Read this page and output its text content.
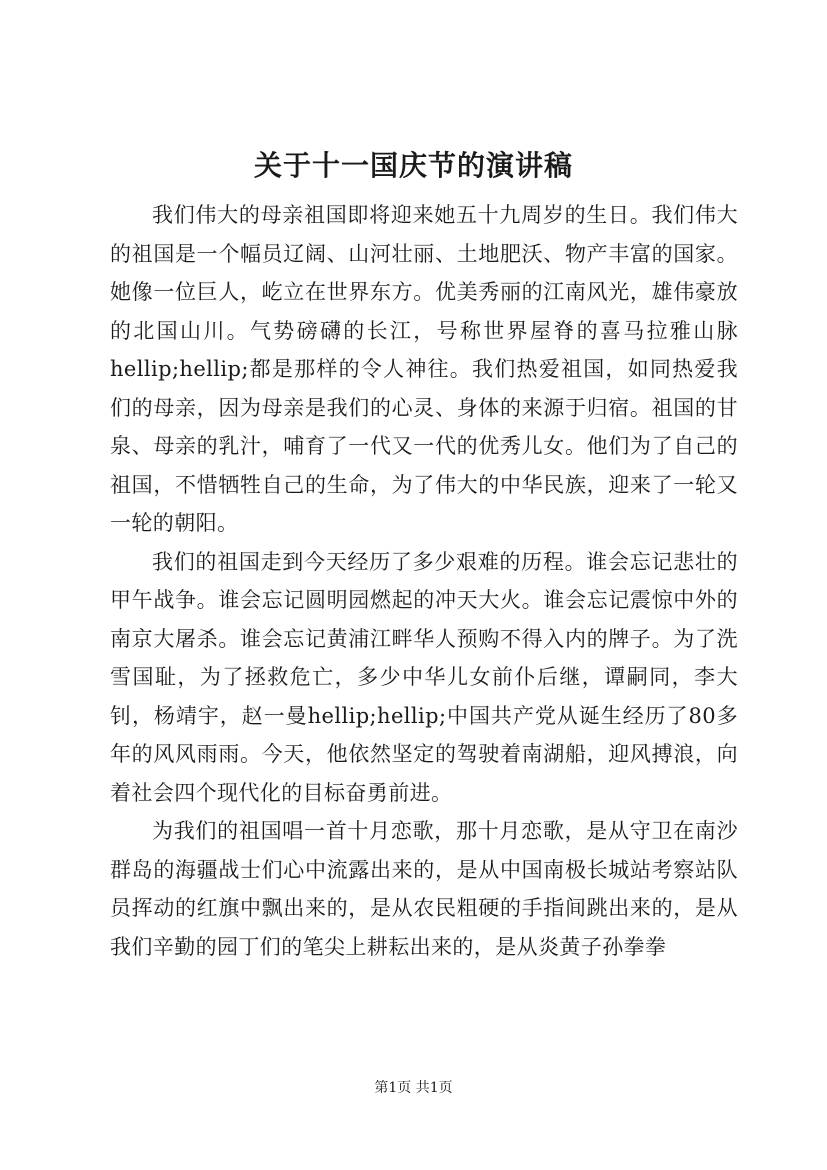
关于十一国庆节的演讲稿

我们伟大的母亲祖国即将迎来她五十九周岁的生日。我们伟大的祖国是一个幅员辽阔、山河壮丽、土地肥沃、物产丰富的国家。她像一位巨人，屹立在世界东方。优美秀丽的江南风光，雄伟豪放的北国山川。气势磅礴的长江，号称世界屋脊的喜马拉雅山脉hellip;hellip;都是那样的令人神往。我们热爱祖国，如同热爱我们的母亲，因为母亲是我们的心灵、身体的来源于归宿。祖国的甘泉、母亲的乳汁，哺育了一代又一代的优秀儿女。他们为了自己的祖国，不惜牺牲自己的生命，为了伟大的中华民族，迎来了一轮又一轮的朝阳。

我们的祖国走到今天经历了多少艰难的历程。谁会忘记悲壮的甲午战争。谁会忘记圆明园燃起的冲天大火。谁会忘记震惊中外的南京大屠杀。谁会忘记黄浦江畔华人预购不得入内的牌子。为了洗雪国耻，为了拯救危亡，多少中华儿女前仆后继，谭嗣同，李大钊，杨靖宇，赵一曼hellip;hellip;中国共产党从诞生经历了80多年的风风雨雨。今天，他依然坚定的驾驶着南湖船，迎风搏浪，向着社会四个现代化的目标奋勇前进。

为我们的祖国唱一首十月恋歌，那十月恋歌，是从守卫在南沙群岛的海疆战士们心中流露出来的，是从中国南极长城站考察站队员挥动的红旗中飘出来的，是从农民粗硬的手指间跳出来的，是从我们辛勤的园丁们的笔尖上耕耘出来的，是从炎黄子孙拳拳

第1页 共1页
